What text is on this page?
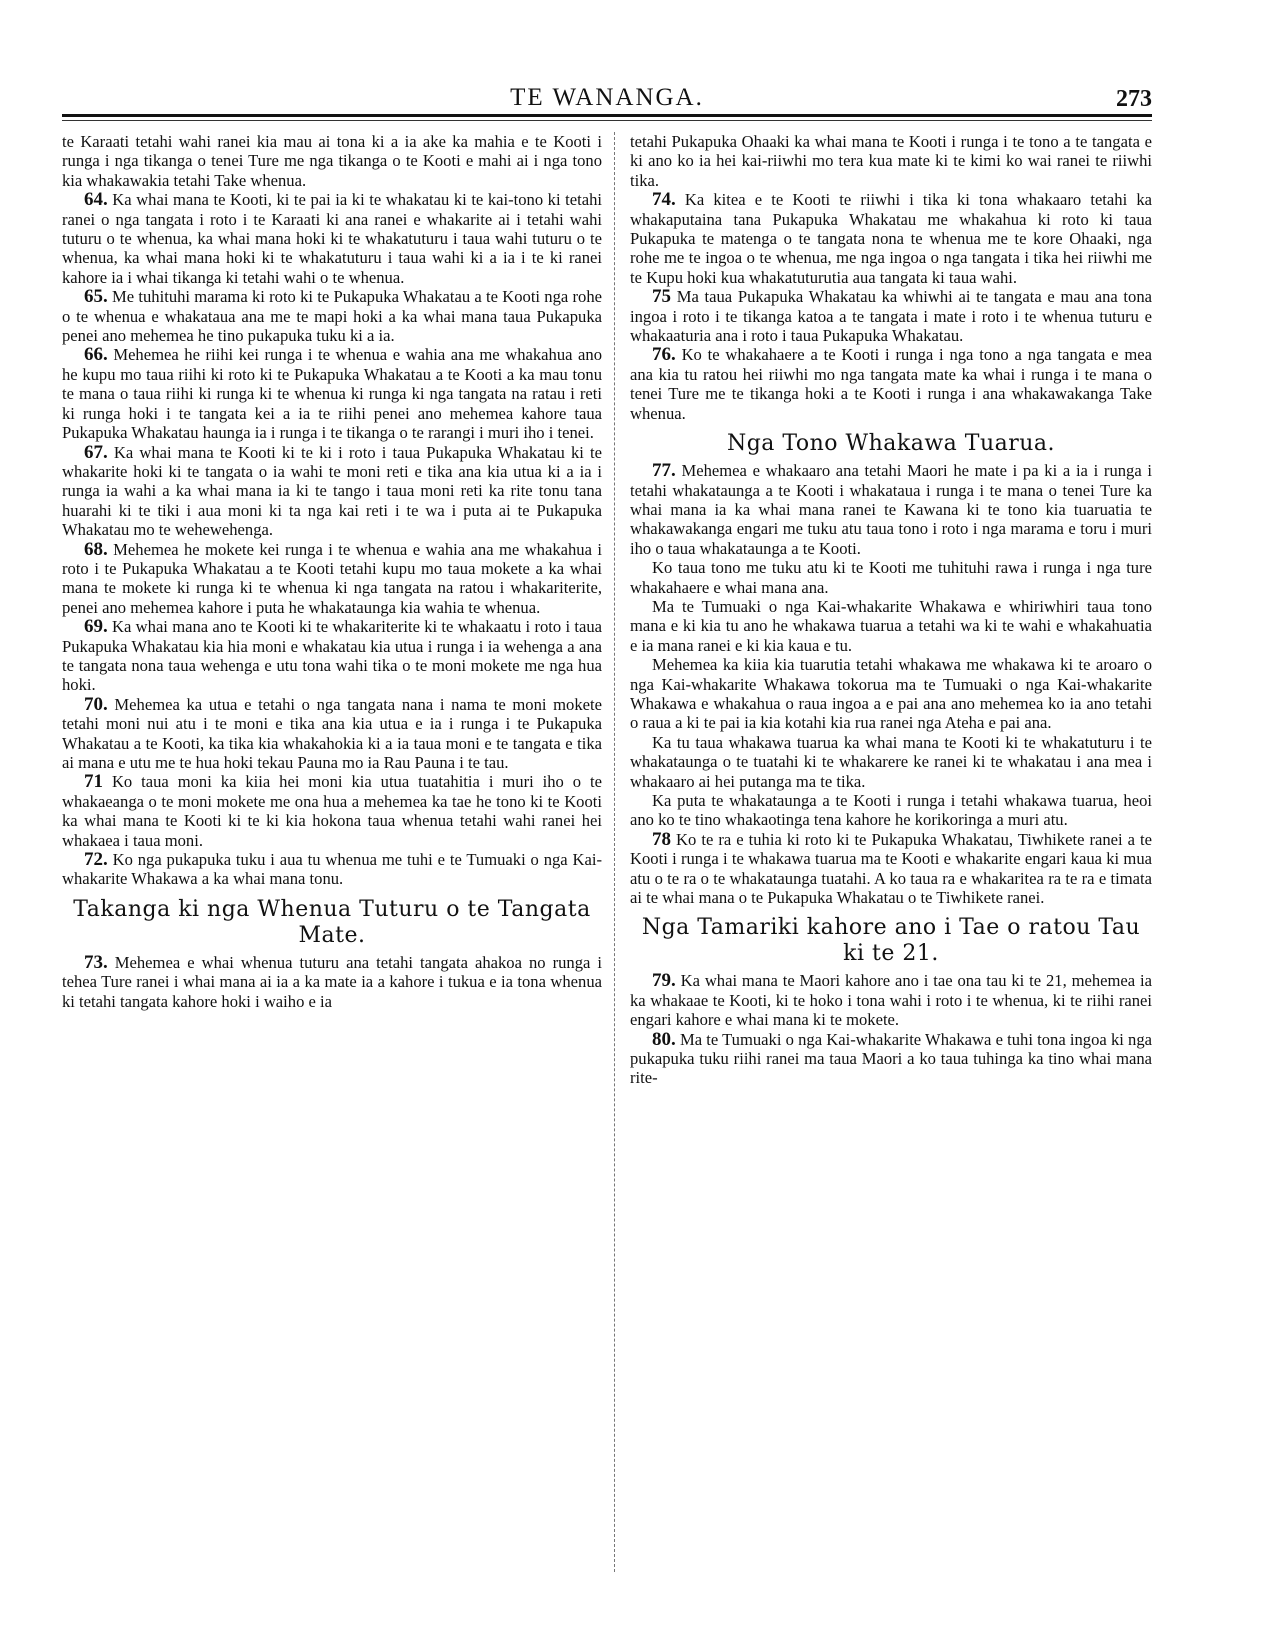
TE WANANGA.	273

te Karaati tetahi wahi ranei kia mau ai tona ki a ia ake ka mahia e te Kooti i runga i nga tikanga o tenei Ture me nga tikanga o te Kooti e mahi ai i nga tono kia whakawakia tetahi Take whenua.

64. Ka whai mana te Kooti, ki te pai ia ki te whakatau ki te kai-tono ki tetahi ranei o nga tangata i roto i te Karaati ki ana ranei e whakarite ai i tetahi wahi tuturu o te whenua, ka whai mana hoki ki te whakatuturu i taua wahi tuturu o te whenua, ka whai mana hoki ki te whakatuturu i taua wahi ki a ia i te ki ranei kahore ia i whai tikanga ki tetahi wahi o te whenua.

65. Me tuhituhi marama ki roto ki te Pukapuka Whakatau a te Kooti nga rohe o te whenua e whakataua ana me te mapi hoki a ka whai mana taua Pukapuka penei ano mehemea he tino pukapuka tuku ki a ia.

66. Mehemea he riihi kei runga i te whenua e wahia ana me whakahua ano he kupu mo taua riihi ki roto ki te Pukapuka Whakatau a te Kooti a ka mau tonu te mana o taua riihi ki runga ki te whenua ki runga ki nga tangata na ratau i reti ki runga hoki i te tangata kei a ia te riihi penei ano mehemea kahore taua Pukapuka Whakatau haunga ia i runga i te tikanga o te rarangi i muri iho i tenei.

67. Ka whai mana te Kooti ki te ki i roto i taua Pukapuka Whakatau ki te whakarite hoki ki te tangata o ia wahi te moni reti e tika ana kia utua ki a ia i runga ia wahi a ka whai mana ia ki te tango i taua moni reti ka rite tonu tana huarahi ki te tiki i aua moni ki ta nga kai reti i te wa i puta ai te Pukapuka Whakatau mo te wehewehenga.

68. Mehemea he mokete kei runga i te whenua e wahia ana me whakahua i roto i te Pukapuka Whakatau a te Kooti tetahi kupu mo taua mokete a ka whai mana te mokete ki runga ki te whenua ki nga tangata na ratou i whakariterite, penei ano mehemea kahore i puta he whakataunga kia wahia te whenua.

69. Ka whai mana ano te Kooti ki te whakariterite ki te whakaatu i roto i taua Pukapuka Whakatau kia hia moni e whakatau kia utua i runga i ia wehenga a ana te tangata nona taua wehenga e utu tona wahi tika o te moni mokete me nga hua hoki.

70. Mehemea ka utua e tetahi o nga tangata nana i nama te moni mokete tetahi moni nui atu i te moni e tika ana kia utua e ia i runga i te Pukapuka Whakatau a te Kooti, ka tika kia whakahokia ki a ia taua moni e te tangata e tika ai mana e utu me te hua hoki tekau Pauna mo ia Rau Pauna i te tau.

71 Ko taua moni ka kiia hei moni kia utua tuatahitia i muri iho o te whakaeanga o te moni mokete me ona hua a mehemea ka tae he tono ki te Kooti ka whai mana te Kooti ki te ki kia hokona taua whenua tetahi wahi ranei hei whakaea i taua moni.

72. Ko nga pukapuka tuku i aua tu whenua me tuhi e te Tumuaki o nga Kai-whakarite Whakawa a ka whai mana tonu.

Takanga ki nga Whenua Tuturu o te Tangata Mate.

73. Mehemea e whai whenua tuturu ana tetahi tangata ahakoa no runga i tehea Ture ranei i whai mana ai ia a ka mate ia a kahore i tukua e ia tona whenua ki tetahi tangata kahore hoki i waiho e ia

tetahi Pukapuka Ohaaki ka whai mana te Kooti i runga i te tono a te tangata e ki ano ko ia hei kai-riiwhi mo tera kua mate ki te kimi ko wai ranei te riiwhi tika.

74. Ka kitea e te Kooti te riiwhi i tika ki tona whakaaro tetahi ka whakaputaina tana Pukapuka Whakatau me whakahua ki roto ki taua Pukapuka te matenga o te tangata nona te whenua me te kore Ohaaki, nga rohe me te ingoa o te whenua, me nga ingoa o nga tangata i tika hei riiwhi me te Kupu hoki kua whakatuturutia aua tangata ki taua wahi.

75 Ma taua Pukapuka Whakatau ka whiwhi ai te tangata e mau ana tona ingoa i roto i te tikanga katoa a te tangata i mate i roto i te whenua tuturu e whakaaturia ana i roto i taua Pukapuka Whakatau.

76. Ko te whakahaere a te Kooti i runga i nga tono a nga tangata e mea ana kia tu ratou hei riiwhi mo nga tangata mate ka whai i runga i te mana o tenei Ture me te tikanga hoki a te Kooti i runga i ana whakawakanga Take whenua.

Nga Tono Whakawa Tuarua.

77. Mehemea e whakaaro ana tetahi Maori he mate i pa ki a ia i runga i tetahi whakataunga a te Kooti i whakataua i runga i te mana o tenei Ture ka whai mana ia ka whai mana ranei te Kawana ki te tono kia tuaruatia te whakawakanga engari me tuku atu taua tono i roto i nga marama e toru i muri iho o taua whakataunga a te Kooti.

Ko taua tono me tuku atu ki te Kooti me tuhituhi rawa i runga i nga ture whakahaere e whai mana ana.

Ma te Tumuaki o nga Kai-whakarite Whakawa e whiriwhiri taua tono mana e ki kia tu ano he whakawa tuarua a tetahi wa ki te wahi e whakahuatia e ia mana ranei e ki kia kaua e tu.

Mehemea ka kiia kia tuarutia tetahi whakawa me whakawa ki te aroaro o nga Kai-whakarite Whakawa tokorua ma te Tumuaki o nga Kai-whakarite Whakawa e whakahua o raua ingoa a e pai ana ano mehemea ko ia ano tetahi o raua a ki te pai ia kia kotahi kia rua ranei nga Ateha e pai ana.

Ka tu taua whakawa tuarua ka whai mana te Kooti ki te whakatuturu i te whakataunga o te tuatahi ki te whakarere ke ranei ki te whakatau i ana mea i whakaaro ai hei putanga ma te tika.

Ka puta te whakataunga a te Kooti i runga i tetahi whakawa tuarua, heoi ano ko te tino whakaotinga tena kahore he korikoringa a muri atu.

78 Ko te ra e tuhia ki roto ki te Pukapuka Whakatau, Tiwhikete ranei a te Kooti i runga i te whakawa tuarua ma te Kooti e whakarite engari kaua ki mua atu o te ra o te whakataunga tuatahi. A ko taua ra e whakaritea ra te ra e timata ai te whai mana o te Pukapuka Whakatau o te Tiwhikete ranei.

Nga Tamariki kahore ano i Tae o ratou Tau ki te 21.

79. Ka whai mana te Maori kahore ano i tae ona tau ki te 21, mehemea ia ka whakaae te Kooti, ki te hoko i tona wahi i roto i te whenua, ki te riihi ranei engari kahore e whai mana ki te mokete.

80. Ma te Tumuaki o nga Kai-whakarite Whakawa e tuhi tona ingoa ki nga pukapuka tuku riihi ranei ma taua Maori a ko taua tuhinga ka tino whai mana rite-
